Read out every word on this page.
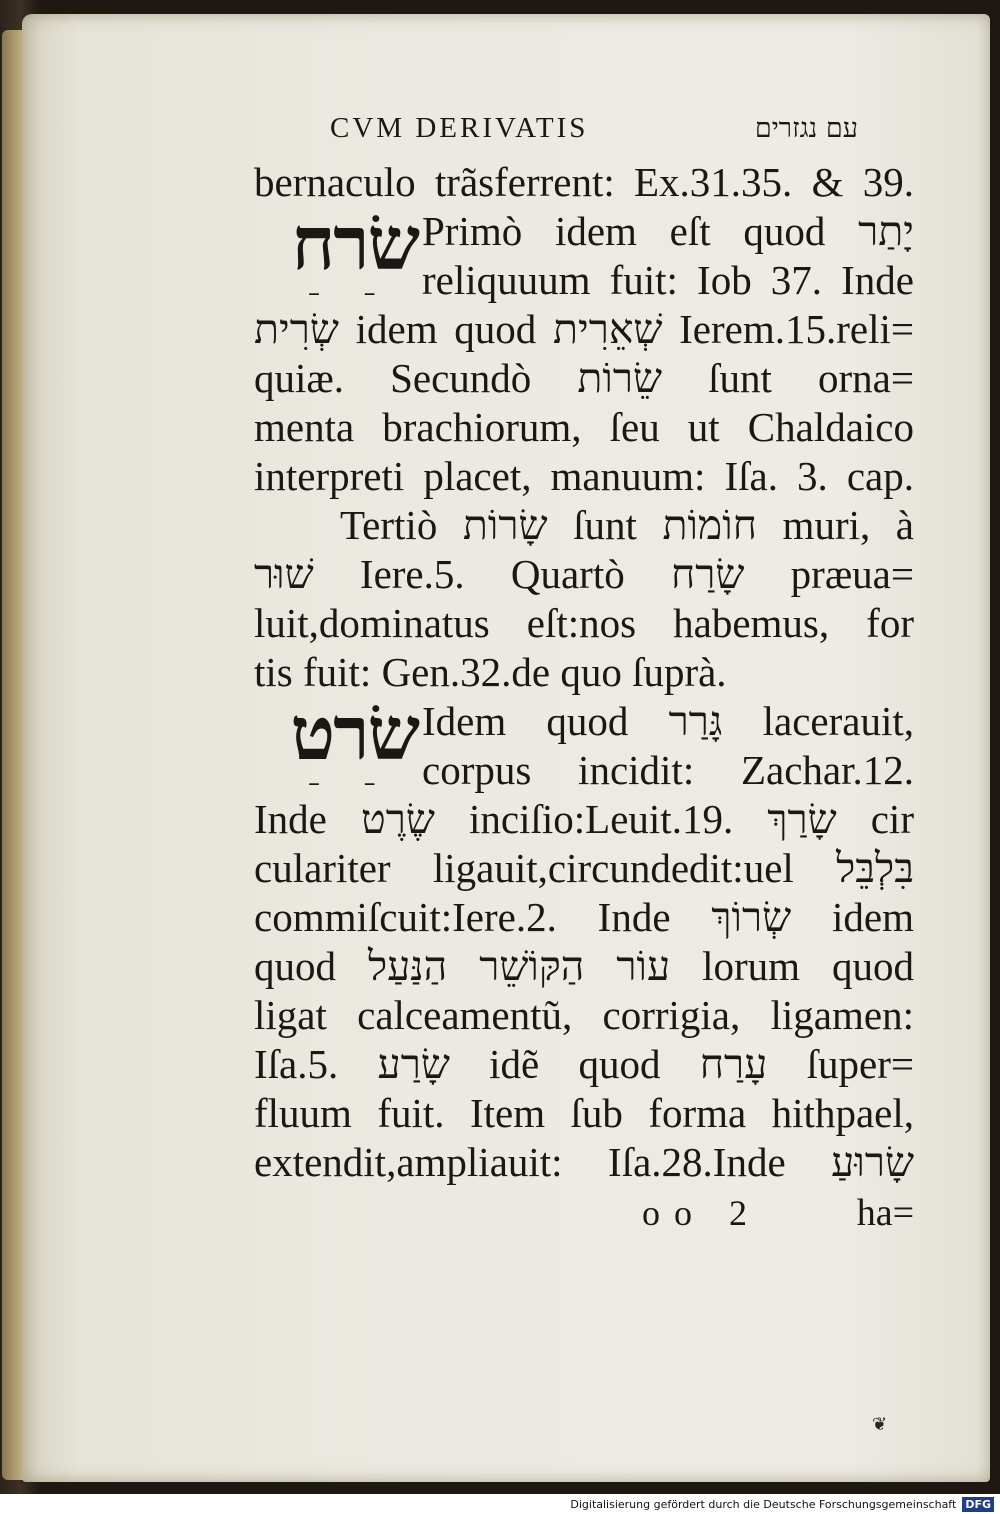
CVM DERIVATIS	עם נגזרים
bernaculo trãsferrent: Ex.31.35. & 39.
שׂרח
– –
Primò idem eſt quod יָתַר
reliquuum fuit: Iob 37. Inde
שְׂרִית idem quod שְׁאֵרִית Ierem.15.reli=
quiæ. Secundò שֵׂרוֹת ſunt orna=
menta brachiorum, ſeu ut Chaldaico
interpreti placet, manuum: Iſa. 3. cap.
Tertiò שָׂרוֹת ſunt חוֹמוֹת muri, à
שׁוּר Iere.5. Quartò שָׂרַח præua=
luit,dominatus eſt:nos habemus, for
tis fuit: Gen.32.de quo ſuprà.
שׂרט
– –
Idem quod גָּרַר lacerauit,
corpus incidit: Zachar.12.
Inde שֶׂרֶט inciſio:Leuit.19. שָׂרַךְ cir
culariter ligauit,circundedit:uel בִּלְבֵּל
commiſcuit:Iere.2. Inde שְׂרוֹךְ idem
quod עוֹר הַקּוֹשֵׁר הַנַּעַל lorum quod
ligat calceamentũ, corrigia, ligamen:
Iſa.5. שָׂרַע idẽ quod עָרַח ſuper=
fluum fuit. Item ſub forma hithpael,
extendit,ampliauit: Iſa.28.Inde שָׂרוּעַ
oo 2	ha=
❦
Digitalisierung gefördert durch die Deutsche Forschungsgemeinschaft DFG
